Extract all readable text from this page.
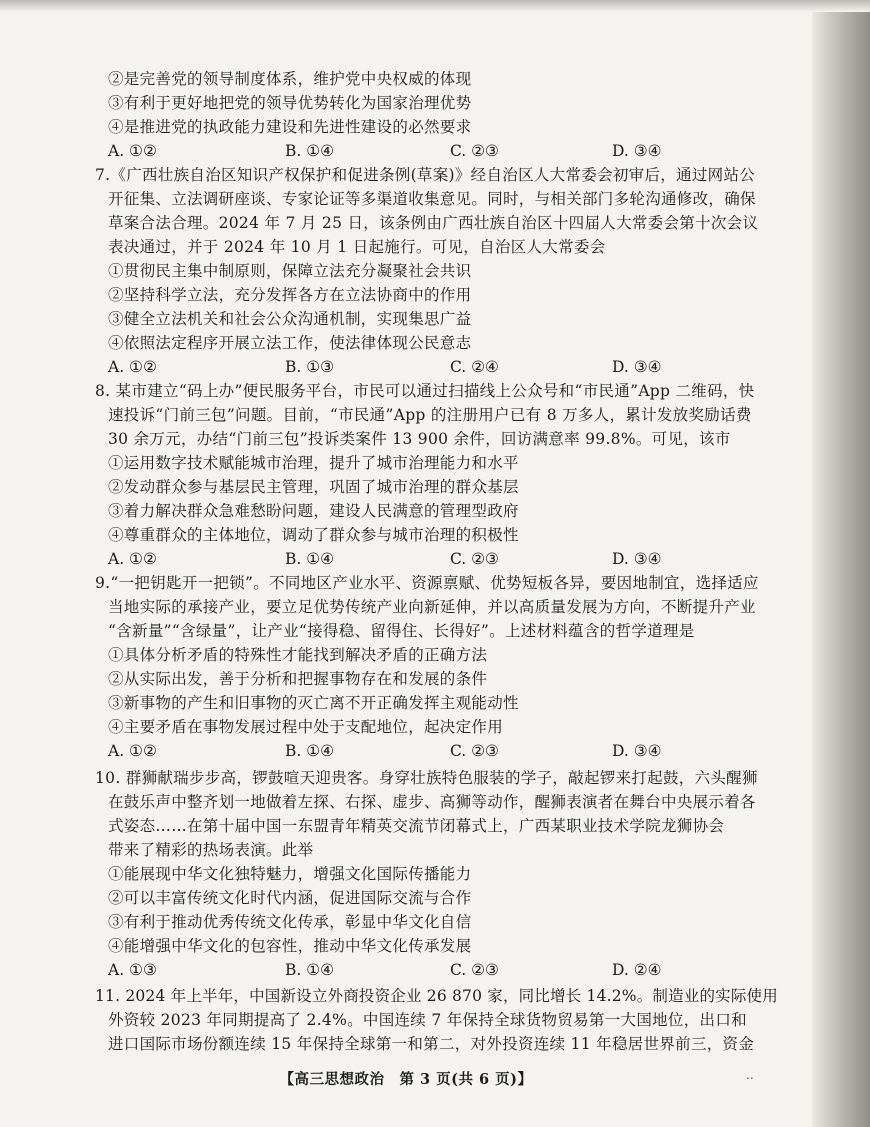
②是完善党的领导制度体系，维护党中央权威的体现
③有利于更好地把党的领导优势转化为国家治理优势
④是推进党的执政能力建设和先进性建设的必然要求
A. ①②	B. ①④	C. ②③	D. ③④
7.《广西壮族自治区知识产权保护和促进条例(草案)》经自治区人大常委会初审后，通过网站公
开征集、立法调研座谈、专家论证等多渠道收集意见。同时，与相关部门多轮沟通修改，确保
草案合法合理。2024 年 7 月 25 日，该条例由广西壮族自治区十四届人大常委会第十次会议
表决通过，并于 2024 年 10 月 1 日起施行。可见，自治区人大常委会
①贯彻民主集中制原则，保障立法充分凝聚社会共识
②坚持科学立法，充分发挥各方在立法协商中的作用
③健全立法机关和社会公众沟通机制，实现集思广益
④依照法定程序开展立法工作，使法律体现公民意志
A. ①②	B. ①③	C. ②④	D. ③④
8. 某市建立“码上办”便民服务平台，市民可以通过扫描线上公众号和“市民通”App 二维码，快
速投诉“门前三包”问题。目前，“市民通”App 的注册用户已有 8 万多人，累计发放奖励话费
30 余万元，办结“门前三包”投诉类案件 13 900 余件，回访满意率 99.8%。可见，该市
①运用数字技术赋能城市治理，提升了城市治理能力和水平
②发动群众参与基层民主管理，巩固了城市治理的群众基层
③着力解决群众急难愁盼问题，建设人民满意的管理型政府
④尊重群众的主体地位，调动了群众参与城市治理的积极性
A. ①②	B. ①④	C. ②③	D. ③④
9.“一把钥匙开一把锁”。不同地区产业水平、资源禀赋、优势短板各异，要因地制宜，选择适应
当地实际的承接产业，要立足优势传统产业向新延伸，并以高质量发展为方向，不断提升产业
“含新量”“含绿量”，让产业“接得稳、留得住、长得好”。上述材料蕴含的哲学道理是
①具体分析矛盾的特殊性才能找到解决矛盾的正确方法
②从实际出发，善于分析和把握事物存在和发展的条件
③新事物的产生和旧事物的灭亡离不开正确发挥主观能动性
④主要矛盾在事物发展过程中处于支配地位，起决定作用
A. ①②	B. ①④	C. ②③	D. ③④
10. 群狮献瑞步步高，锣鼓喧天迎贵客。身穿壮族特色服装的学子，敲起锣来打起鼓，六头醒狮
在鼓乐声中整齐划一地做着左探、右探、虚步、高狮等动作，醒狮表演者在舞台中央展示着各
式姿态……在第十届中国一东盟青年精英交流节闭幕式上，广西某职业技术学院龙狮协会
带来了精彩的热场表演。此举
①能展现中华文化独特魅力，增强文化国际传播能力
②可以丰富传统文化时代内涵，促进国际交流与合作
③有利于推动优秀传统文化传承，彰显中华文化自信
④能增强中华文化的包容性，推动中华文化传承发展
A. ①③	B. ①④	C. ②③	D. ②④
11. 2024 年上半年，中国新设立外商投资企业 26 870 家，同比增长 14.2%。制造业的实际使用
外资较 2023 年同期提高了 2.4%。中国连续 7 年保持全球货物贸易第一大国地位，出口和
进口国际市场份额连续 15 年保持全球第一和第二，对外投资连续 11 年稳居世界前三，资金
【高三思想政治　第 3 页(共 6 页)】	..
